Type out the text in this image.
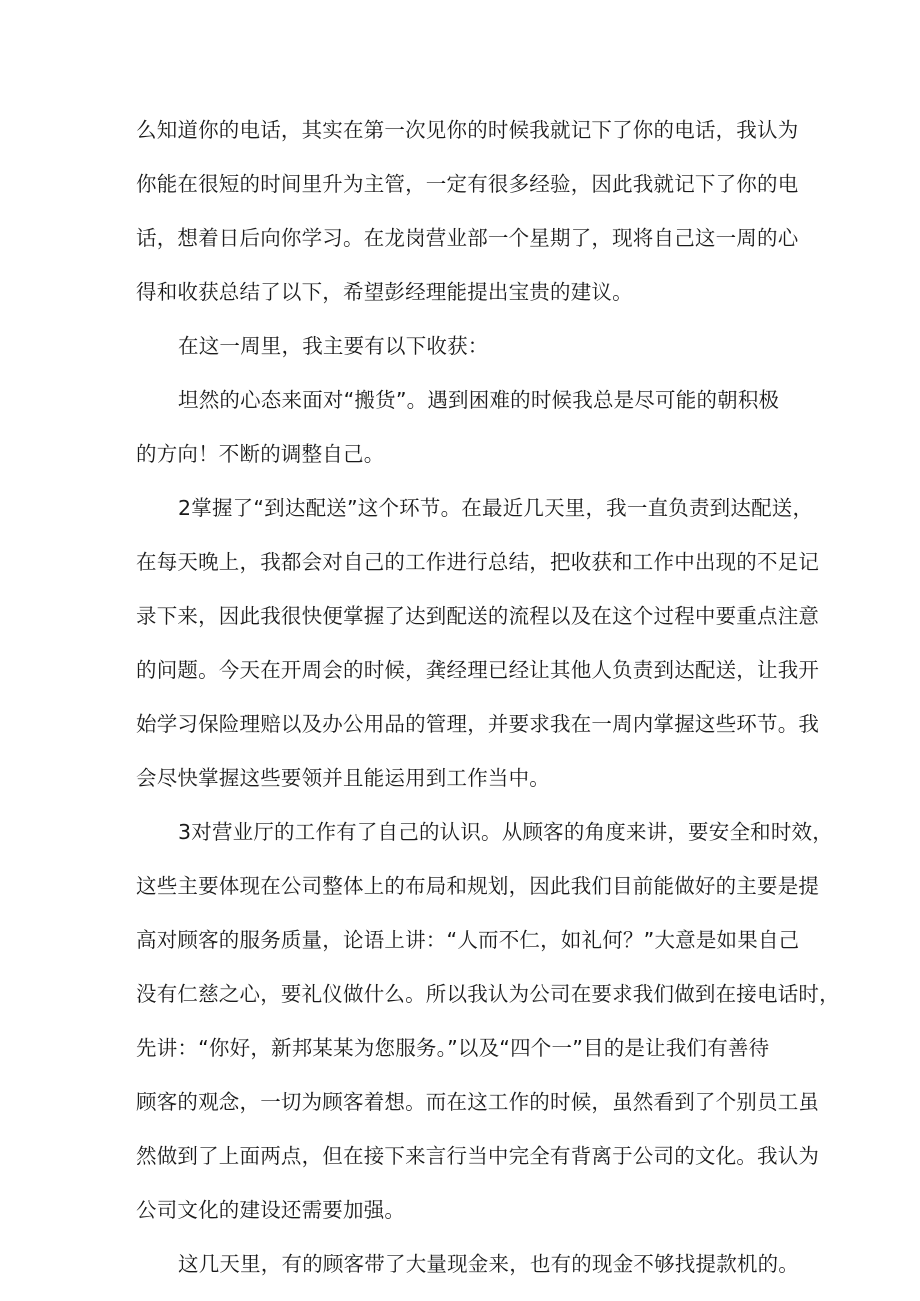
么知道你的电话，其实在第一次见你的时候我就记下了你的电话，我认为
你能在很短的时间里升为主管，一定有很多经验，因此我就记下了你的电
话，想着日后向你学习。在龙岗营业部一个星期了，现将自己这一周的心
得和收获总结了以下，希望彭经理能提出宝贵的建议。
在这一周里，我主要有以下收获：
坦然的心态来面对“搬货”。遇到困难的时候我总是尽可能的朝积极
的方向！不断的调整自己。
2掌握了“到达配送”这个环节。在最近几天里，我一直负责到达配送，
在每天晚上，我都会对自己的工作进行总结，把收获和工作中出现的不足记
录下来，因此我很快便掌握了达到配送的流程以及在这个过程中要重点注意
的问题。今天在开周会的时候，龚经理已经让其他人负责到达配送，让我开
始学习保险理赔以及办公用品的管理，并要求我在一周内掌握这些环节。我
会尽快掌握这些要领并且能运用到工作当中。
3对营业厅的工作有了自己的认识。从顾客的角度来讲，要安全和时效，
这些主要体现在公司整体上的布局和规划，因此我们目前能做好的主要是提
高对顾客的服务质量，论语上讲：“人而不仁，如礼何？”大意是如果自己
没有仁慈之心，要礼仪做什么。所以我认为公司在要求我们做到在接电话时，
先讲：“你好，新邦某某为您服务。”以及“四个一”目的是让我们有善待
顾客的观念，一切为顾客着想。而在这工作的时候，虽然看到了个别员工虽
然做到了上面两点，但在接下来言行当中完全有背离于公司的文化。我认为
公司文化的建设还需要加强。
这几天里，有的顾客带了大量现金来，也有的现金不够找提款机的。
